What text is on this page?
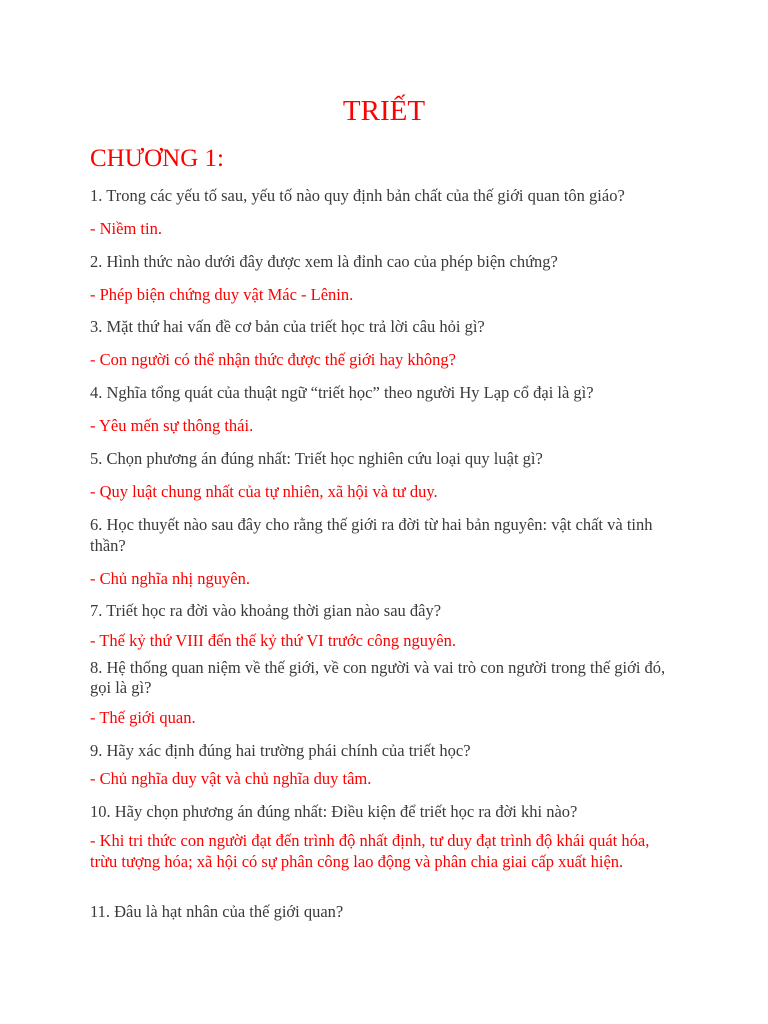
TRIẾT
CHƯƠNG 1:
1. Trong các yếu tố sau, yếu tố nào quy định bản chất của thế giới quan tôn giáo?
- Niềm tin.
2. Hình thức nào dưới đây được xem là đỉnh cao của phép biện chứng?
- Phép biện chứng duy vật Mác - Lênin.
3. Mặt thứ hai vấn đề cơ bản của triết học trả lời câu hỏi gì?
- Con người có thể nhận thức được thế giới hay không?
4. Nghĩa tổng quát của thuật ngữ “triết học” theo người Hy Lạp cổ đại là gì?
- Yêu mến sự thông thái.
5. Chọn phương án đúng nhất: Triết học nghiên cứu loại quy luật gì?
- Quy luật chung nhất của tự nhiên, xã hội và tư duy.
6. Học thuyết nào sau đây cho rằng thế giới ra đời từ hai bản nguyên: vật chất và tinh thần?
- Chủ nghĩa nhị nguyên.
7. Triết học ra đời vào khoảng thời gian nào sau đây?
- Thế kỷ thứ VIII đến thế kỷ thứ VI trước công nguyên.
8. Hệ thống quan niệm về thế giới, về con người và vai trò con người trong thế giới đó, gọi là gì?
- Thế giới quan.
9. Hãy xác định đúng hai trường phái chính của triết học?
- Chủ nghĩa duy vật và chủ nghĩa duy tâm.
10. Hãy chọn phương án đúng nhất: Điều kiện để triết học ra đời khi nào?
- Khi tri thức con người đạt đến trình độ nhất định, tư duy đạt trình độ khái quát hóa, trừu tượng hóa; xã hội có sự phân công lao động và phân chia giai cấp xuất hiện.
11. Đâu là hạt nhân của thế giới quan?
